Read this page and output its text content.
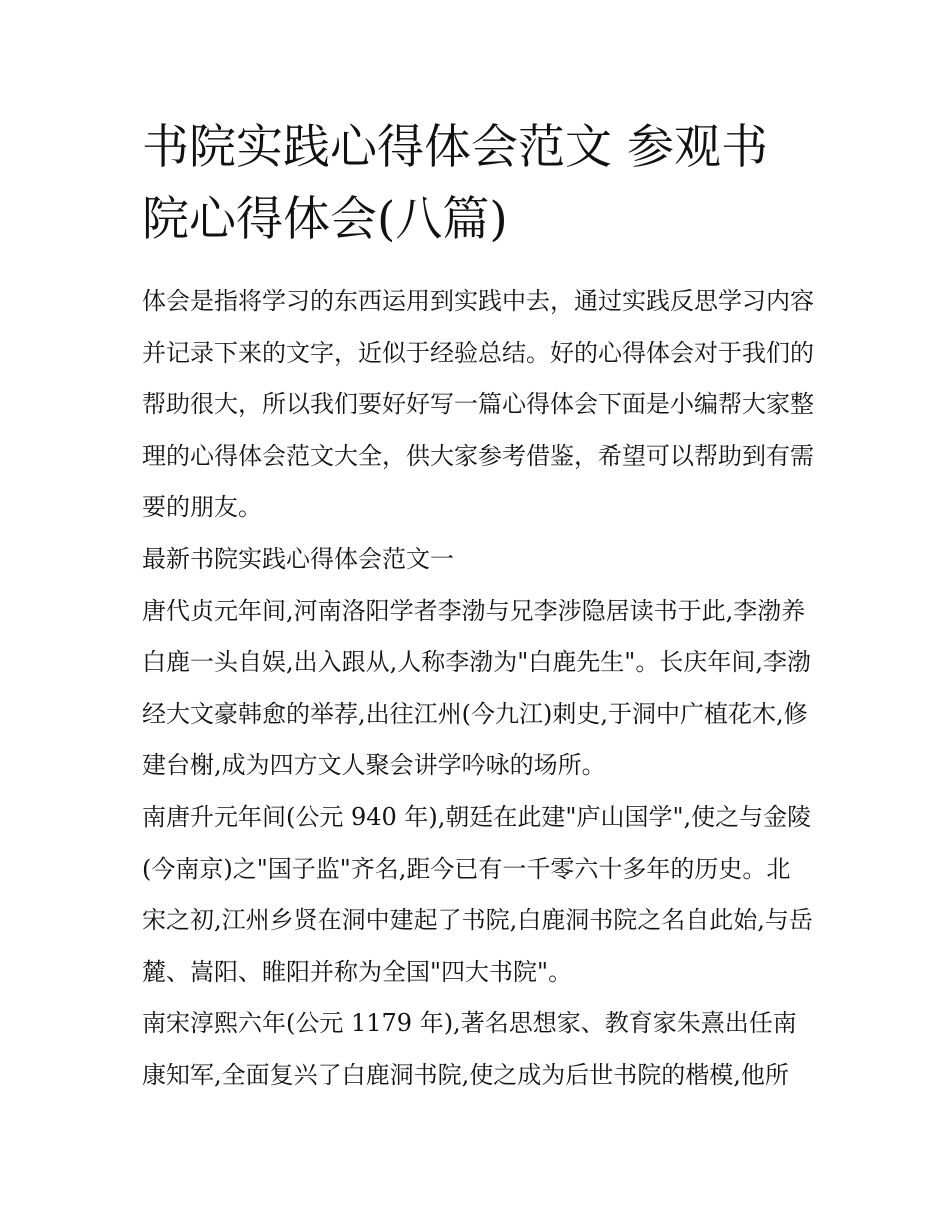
书院实践心得体会范文 参观书院心得体会(八篇)

体会是指将学习的东西运用到实践中去，通过实践反思学习内容并记录下来的文字，近似于经验总结。好的心得体会对于我们的帮助很大，所以我们要好好写一篇心得体会下面是小编帮大家整理的心得体会范文大全，供大家参考借鉴，希望可以帮助到有需要的朋友。

最新书院实践心得体会范文一

唐代贞元年间,河南洛阳学者李渤与兄李涉隐居读书于此,李渤养白鹿一头自娱,出入跟从,人称李渤为"白鹿先生"。长庆年间,李渤经大文豪韩愈的举荐,出往江州(今九江)刺史,于洞中广植花木,修建台榭,成为四方文人聚会讲学吟咏的场所。

南唐升元年间(公元 940 年),朝廷在此建"庐山国学",使之与金陵(今南京)之"国子监"齐名,距今已有一千零六十多年的历史。北宋之初,江州乡贤在洞中建起了书院,白鹿洞书院之名自此始,与岳麓、嵩阳、睢阳并称为全国"四大书院"。

南宋淳熙六年(公元 1179 年),著名思想家、教育家朱熹出任南康知军,全面复兴了白鹿洞书院,使之成为后世书院的楷模,他所
